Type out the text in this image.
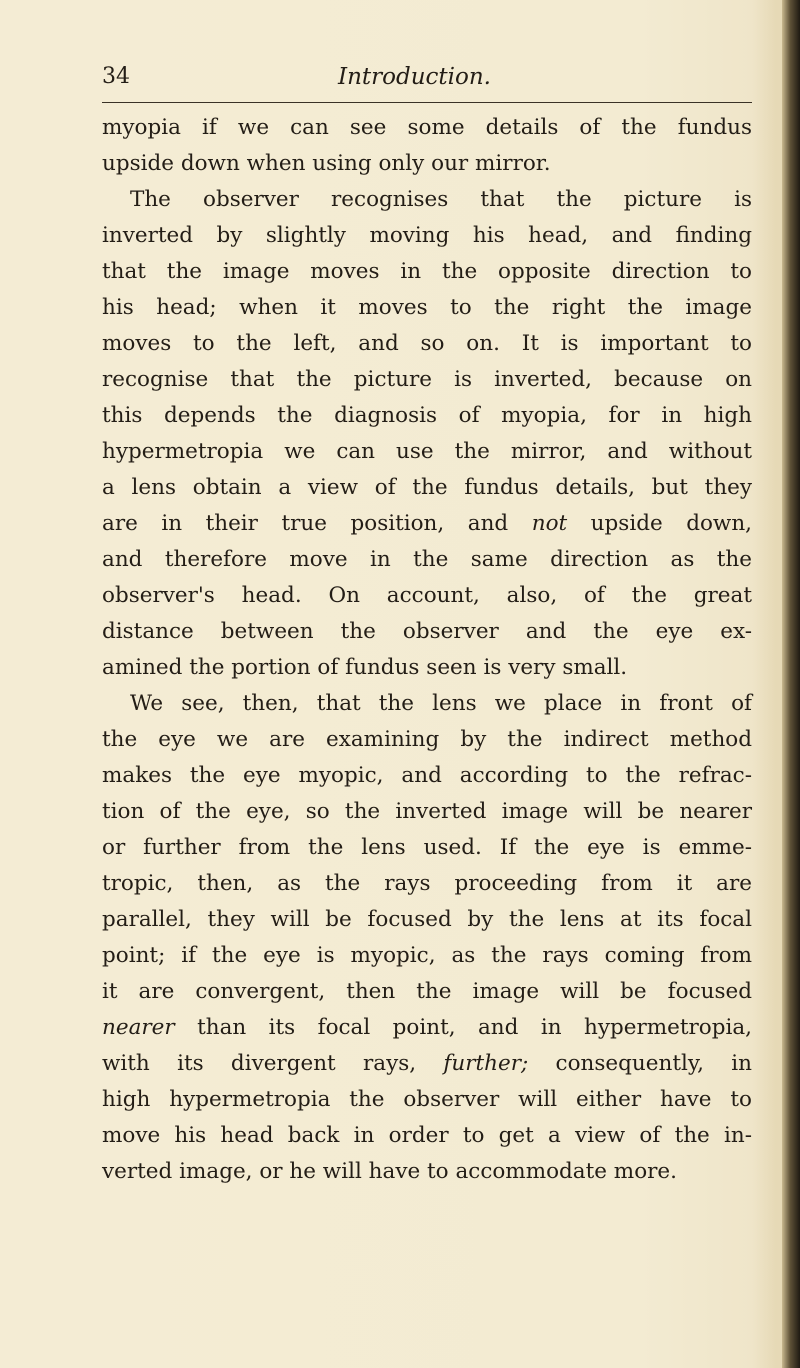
34	Introduction.
myopia if we can see some details of the fundus
upside down when using only our mirror.
The observer recognises that the picture is
inverted by slightly moving his head, and finding
that the image moves in the opposite direction to
his head; when it moves to the right the image
moves to the left, and so on. It is important to
recognise that the picture is inverted, because on
this depends the diagnosis of myopia, for in high
hypermetropia we can use the mirror, and without
a lens obtain a view of the fundus details, but they
are in their true position, and not upside down,
and therefore move in the same direction as the
observer's head. On account, also, of the great
distance between the observer and the eye ex-
amined the portion of fundus seen is very small.
We see, then, that the lens we place in front of
the eye we are examining by the indirect method
makes the eye myopic, and according to the refrac-
tion of the eye, so the inverted image will be nearer
or further from the lens used. If the eye is emme-
tropic, then, as the rays proceeding from it are
parallel, they will be focused by the lens at its focal
point; if the eye is myopic, as the rays coming from
it are convergent, then the image will be focused
nearer than its focal point, and in hypermetropia,
with its divergent rays, further; consequently, in
high hypermetropia the observer will either have to
move his head back in order to get a view of the in-
verted image, or he will have to accommodate more.
